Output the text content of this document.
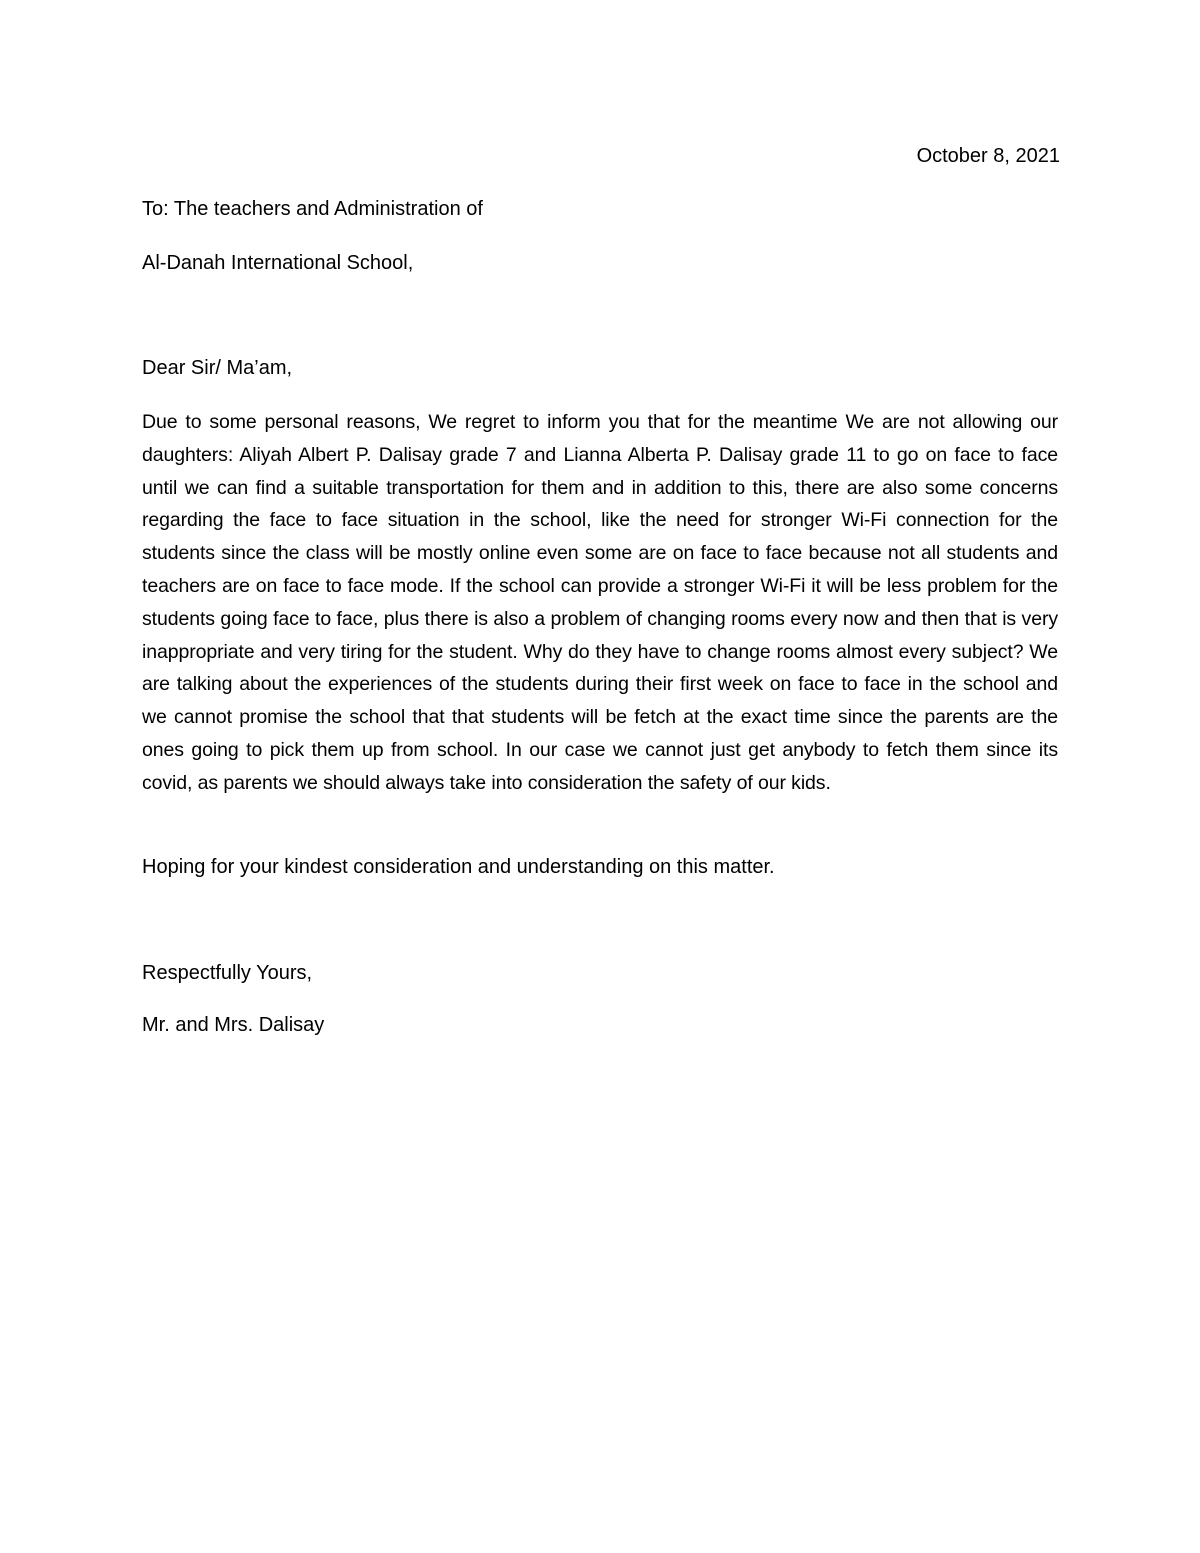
October 8, 2021
To: The teachers and Administration of
Al-Danah International School,
Dear Sir/ Ma’am,
Due to some personal reasons, We regret to inform you that for the meantime We are not allowing our daughters: Aliyah Albert P. Dalisay grade 7 and Lianna Alberta P. Dalisay grade 11 to go on face to face until we can find a suitable transportation for them and in addition to this, there are also some concerns regarding the face to face situation in the school, like the need for stronger Wi-Fi connection for the students since the class will be mostly online even some are on face to face because not all students and teachers are on face to face mode. If the school can provide a stronger Wi-Fi it will be less problem for the students going face to face, plus there is also a problem of changing rooms every now and then that is very inappropriate and very tiring for the student. Why do they have to change rooms almost every subject? We are talking about the experiences of the students during their first week on face to face in the school and we cannot promise the school that that students will be fetch at the exact time since the parents are the ones going to pick them up from school. In our case we cannot just get anybody to fetch them since its covid, as parents we should always take into consideration the safety of our kids.
Hoping for your kindest consideration and understanding on this matter.
Respectfully Yours,
Mr. and Mrs. Dalisay
